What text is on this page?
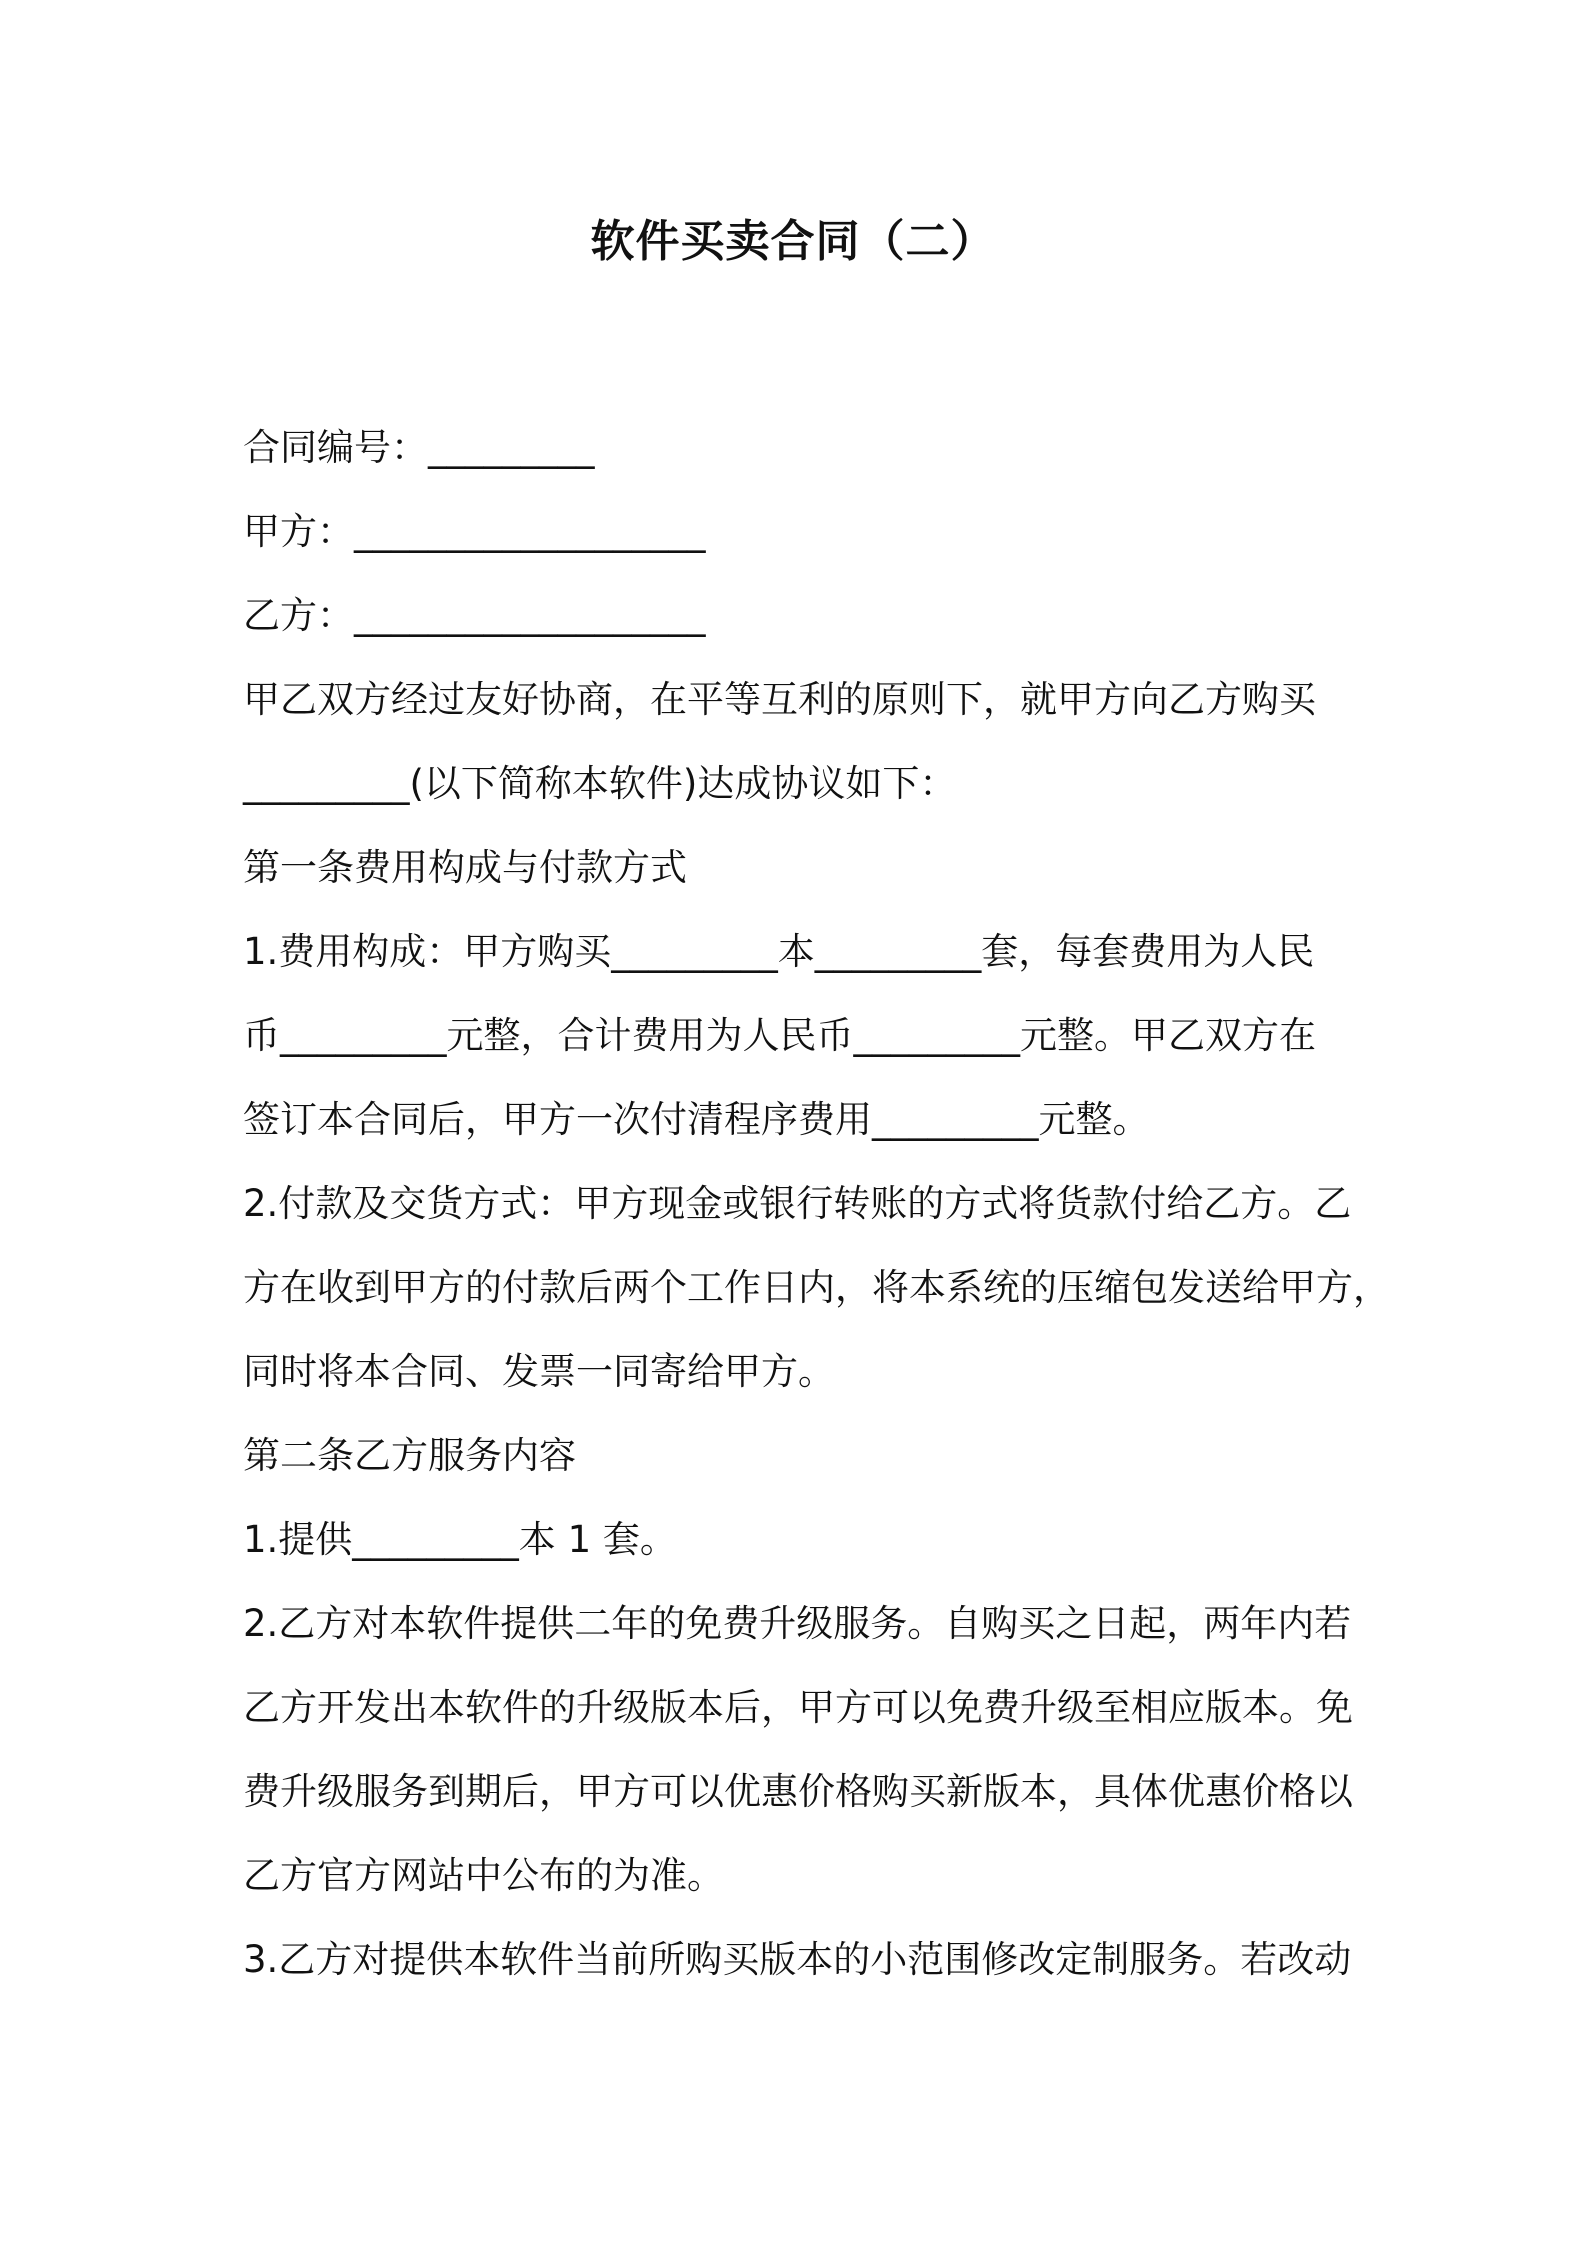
软件买卖合同（二）

合同编号：_________

甲方：___________________

乙方：___________________

甲乙双方经过友好协商，在平等互利的原则下，就甲方向乙方购买

_________(以下简称本软件)达成协议如下：

第一条费用构成与付款方式

1.费用构成：甲方购买_________本_________套，每套费用为人民

币_________元整，合计费用为人民币_________元整。甲乙双方在

签订本合同后，甲方一次付清程序费用_________元整。

2.付款及交货方式：甲方现金或银行转账的方式将货款付给乙方。乙

方在收到甲方的付款后两个工作日内，将本系统的压缩包发送给甲方，

同时将本合同、发票一同寄给甲方。

第二条乙方服务内容

1.提供_________本 1 套。

2.乙方对本软件提供二年的免费升级服务。自购买之日起，两年内若

乙方开发出本软件的升级版本后，甲方可以免费升级至相应版本。免

费升级服务到期后，甲方可以优惠价格购买新版本，具体优惠价格以

乙方官方网站中公布的为准。

3.乙方对提供本软件当前所购买版本的小范围修改定制服务。若改动
